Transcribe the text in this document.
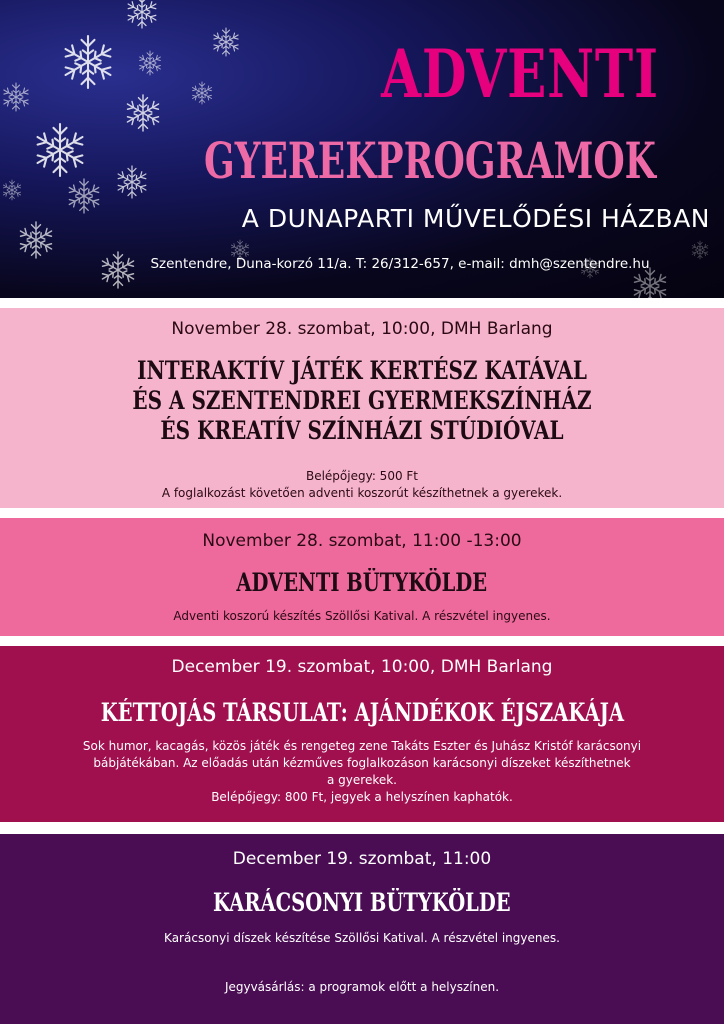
ADVENTI
GYEREKPROGRAMOK
A DUNAPARTI MŰVELŐDÉSI HÁZBAN
Szentendre, Duna-korzó 11/a. T: 26/312-657, e-mail: dmh@szentendre.hu

November 28. szombat, 10:00, DMH Barlang

INTERAKTÍV JÁTÉK KERTÉSZ KATÁVAL
ÉS A SZENTENDREI GYERMEKSZÍNHÁZ
ÉS KREATÍV SZÍNHÁZI STÚDIÓVAL

Belépőjegy: 500 Ft

A foglalkozást követően adventi koszorút készíthetnek a gyerekek.

November 28. szombat, 11:00 -13:00

ADVENTI BÜTYKÖLDE

Adventi koszorú készítés Szöllősi Katival. A részvétel ingyenes.

December 19. szombat, 10:00, DMH Barlang

KÉTTOJÁS TÁRSULAT: AJÁNDÉKOK ÉJSZAKÁJA

Sok humor, kacagás, közös játék és rengeteg zene Takáts Eszter és Juhász Kristóf karácsonyi

bábjátékában. Az előadás után kézműves foglalkozáson karácsonyi díszeket készíthetnek

a gyerekek.

Belépőjegy: 800 Ft, jegyek a helyszínen kaphatók.

December 19. szombat, 11:00

KARÁCSONYI BÜTYKÖLDE

Karácsonyi díszek készítése Szöllősi Katival. A részvétel ingyenes.

Jegyvásárlás: a programok előtt a helyszínen.
